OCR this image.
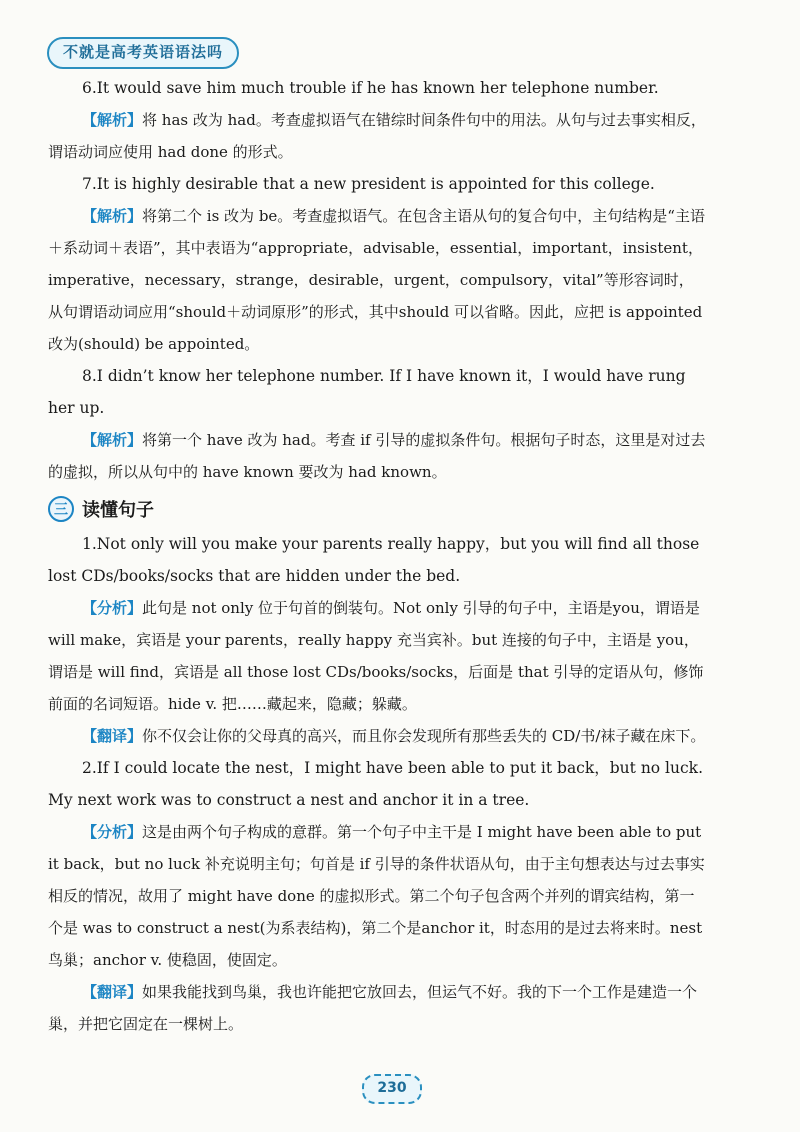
不就是高考英语语法吗

6.It would save him much trouble if he has known her telephone number.

【解析】将 has 改为 had。考查虚拟语气在错综时间条件句中的用法。从句与过去事实相反，谓语动词应使用 had done 的形式。

7.It is highly desirable that a new president is appointed for this college.

【解析】将第二个 is 改为 be。考查虚拟语气。在包含主语从句的复合句中，主句结构是“主语＋系动词＋表语”，其中表语为“appropriate，advisable，essential，important，insistent，imperative，necessary，strange，desirable，urgent，compulsory，vital”等形容词时，从句谓语动词应用“should＋动词原形”的形式，其中should 可以省略。因此，应把 is appointed 改为(should) be appointed。

8.I didn’t know her telephone number. If I have known it，I would have rung her up.

【解析】将第一个 have 改为 had。考查 if 引导的虚拟条件句。根据句子时态，这里是对过去的虚拟，所以从句中的 have known 要改为 had known。

三 读懂句子

1.Not only will you make your parents really happy，but you will find all those lost CDs/books/socks that are hidden under the bed.

【分析】此句是 not only 位于句首的倒装句。Not only 引导的句子中，主语是you，谓语是 will make，宾语是 your parents，really happy 充当宾补。but 连接的句子中，主语是 you，谓语是 will find，宾语是 all those lost CDs/books/socks，后面是 that 引导的定语从句，修饰前面的名词短语。hide v. 把……藏起来，隐藏；躲藏。

【翻译】你不仅会让你的父母真的高兴，而且你会发现所有那些丢失的 CD/书/袜子藏在床下。

2.If I could locate the nest，I might have been able to put it back，but no luck. My next work was to construct a nest and anchor it in a tree.

【分析】这是由两个句子构成的意群。第一个句子中主干是 I might have been able to put it back，but no luck 补充说明主句；句首是 if 引导的条件状语从句，由于主句想表达与过去事实相反的情况，故用了 might have done 的虚拟形式。第二个句子包含两个并列的谓宾结构，第一个是 was to construct a nest(为系表结构)，第二个是anchor it，时态用的是过去将来时。nest 鸟巢；anchor v. 使稳固，使固定。

【翻译】如果我能找到鸟巢，我也许能把它放回去，但运气不好。我的下一个工作是建造一个巢，并把它固定在一棵树上。

230
